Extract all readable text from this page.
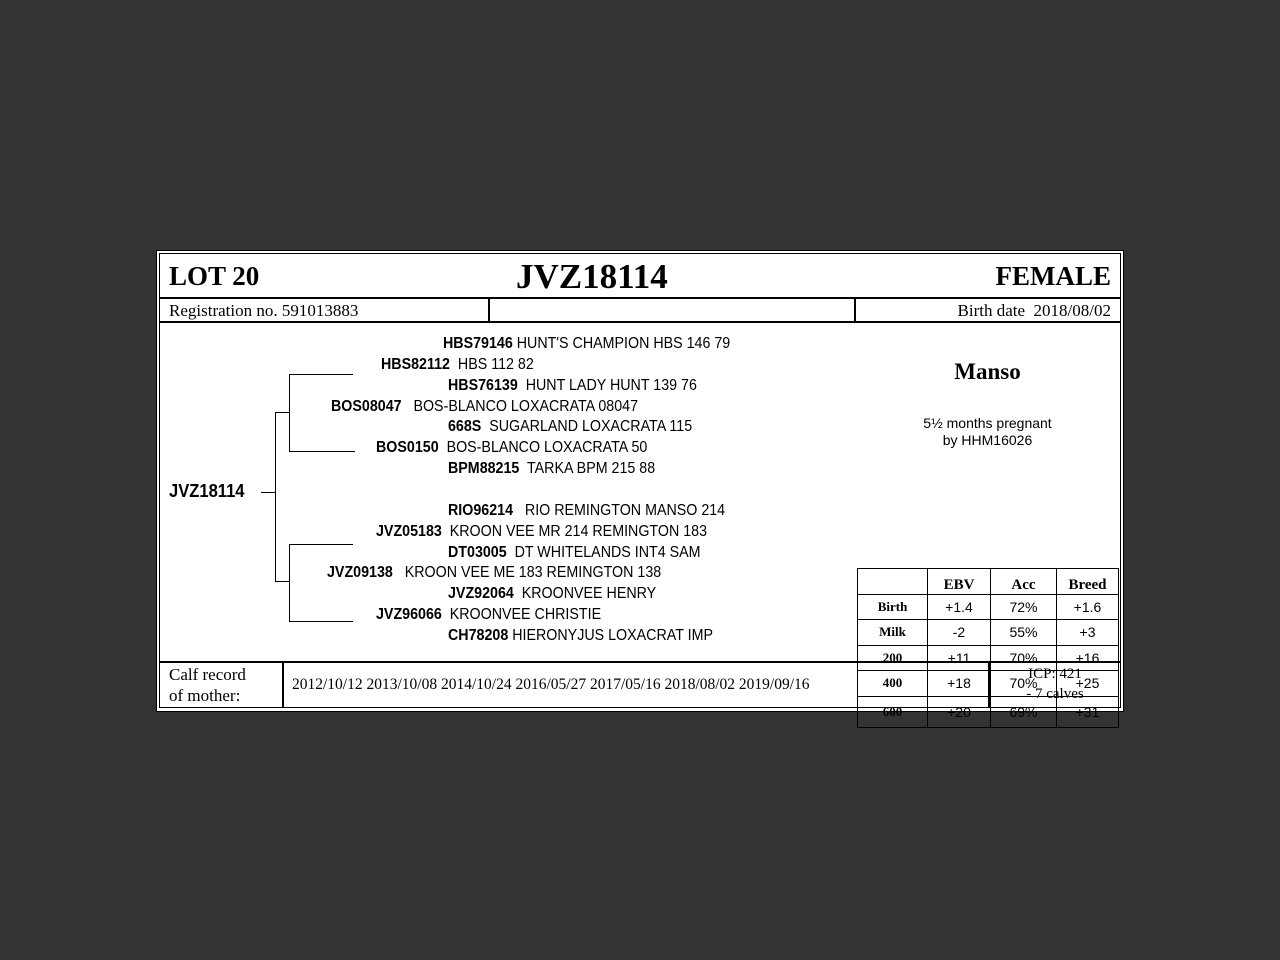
LOT 20	JVZ18114	FEMALE
Registration no. 591013883	Birth date 2018/08/02
JVZ18114
HBS79146 HUNT'S CHAMPION HBS 146 79
HBS82112 HBS 112 82
HBS76139 HUNT LADY HUNT 139 76
BOS08047 BOS-BLANCO LOXACRATA 08047
668S SUGARLAND LOXACRATA 115
BOS0150 BOS-BLANCO LOXACRATA 50
BPM88215 TARKA BPM 215 88
RIO96214 RIO REMINGTON MANSO 214
JVZ05183 KROON VEE MR 214 REMINGTON 183
DT03005 DT WHITELANDS INT4 SAM
JVZ09138 KROON VEE ME 183 REMINGTON 138
JVZ92064 KROONVEE HENRY
JVZ96066 KROONVEE CHRISTIE
CH78208 HIERONYJUS LOXACRAT IMP
Manso
5½ months pregnant
by HHM16026
	EBV	Acc	Breed
Birth	+1.4	72%	+1.6
Milk	-2	55%	+3
200	+11	70%	+16
400	+18	70%	+25
600	+20	69%	+31
Calf record
of mother:
2012/10/12 2013/10/08 2014/10/24 2016/05/27 2017/05/16 2018/08/02 2019/09/16
ICP: 421
- 7 calves
